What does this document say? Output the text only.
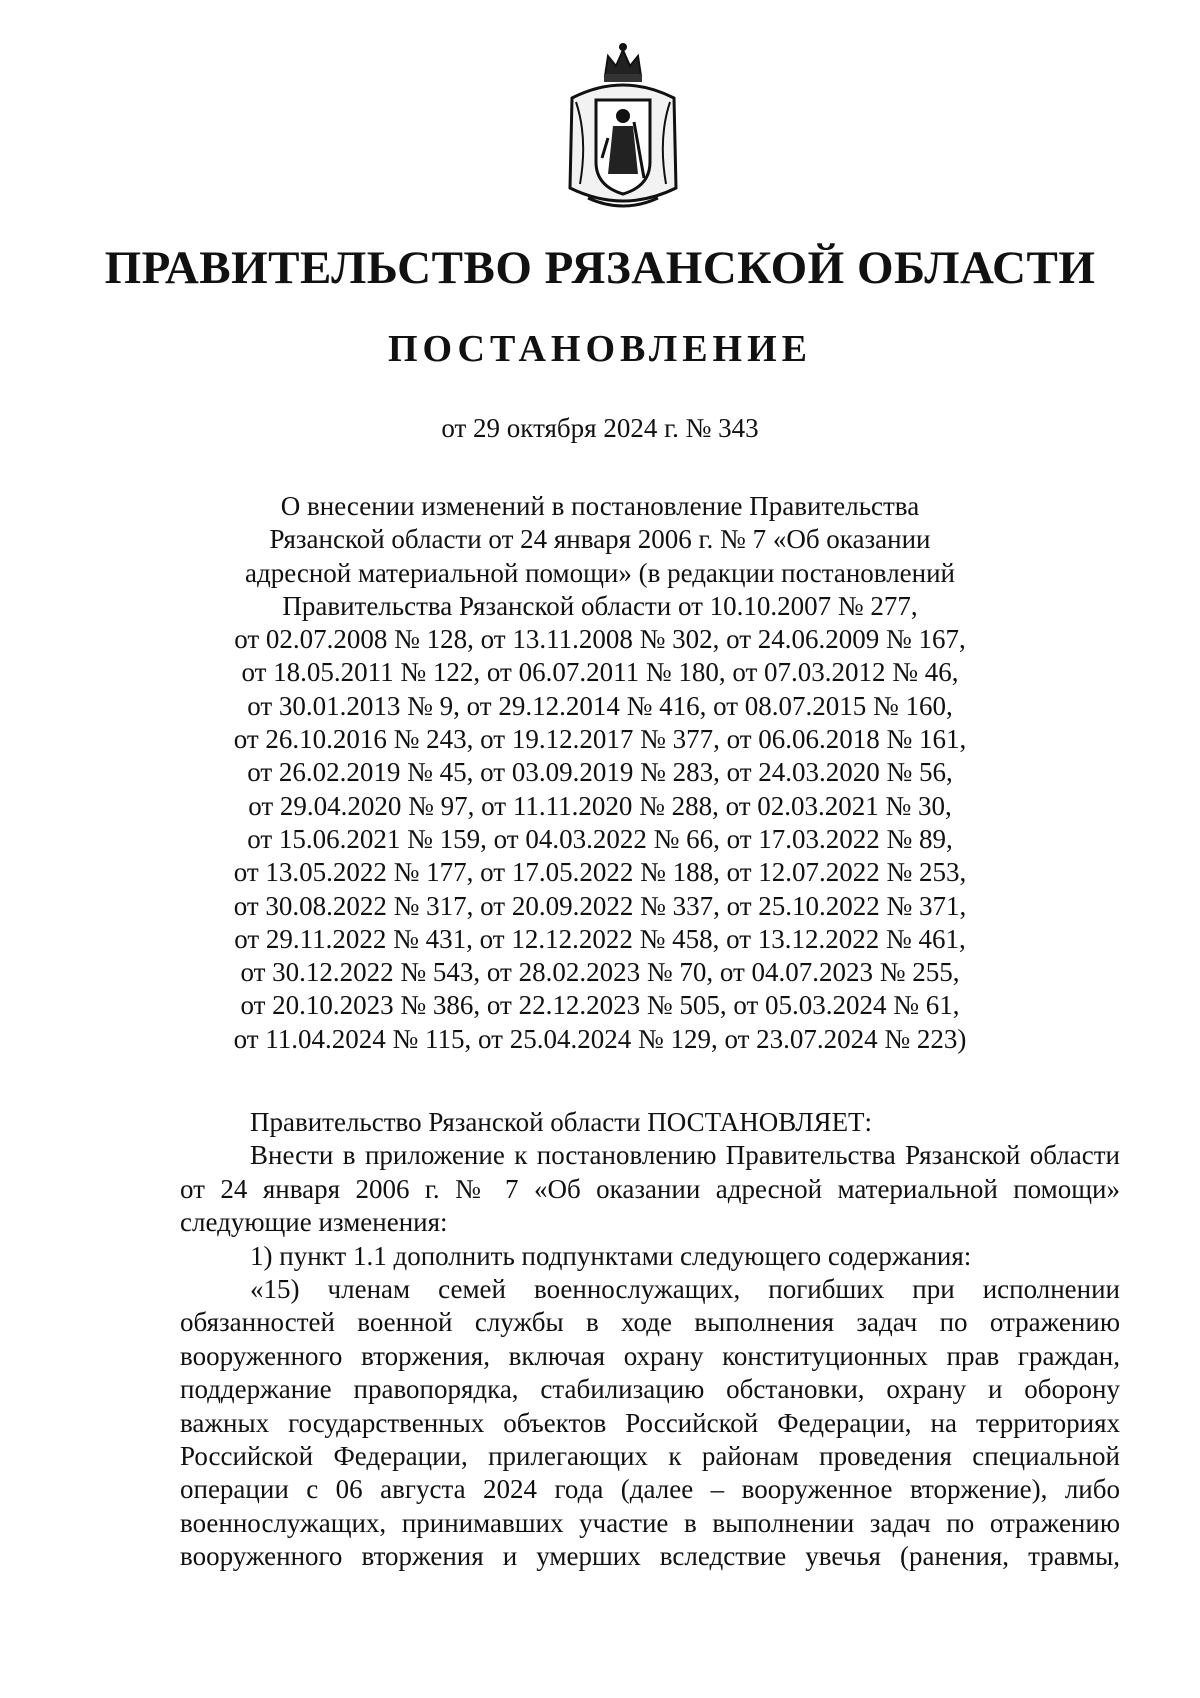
ПРАВИТЕЛЬСТВО РЯЗАНСКОЙ ОБЛАСТИ
ПОСТАНОВЛЕНИЕ

от 29 октября 2024 г. № 343

О внесении изменений в постановление Правительства
Рязанской области от 24 января 2006 г. № 7 «Об оказании
адресной материальной помощи» (в редакции постановлений
Правительства Рязанской области от 10.10.2007 № 277,
от 02.07.2008 № 128, от 13.11.2008 № 302, от 24.06.2009 № 167,
от 18.05.2011 № 122, от 06.07.2011 № 180, от 07.03.2012 № 46,
от 30.01.2013 № 9, от 29.12.2014 № 416, от 08.07.2015 № 160,
от 26.10.2016 № 243, от 19.12.2017 № 377, от 06.06.2018 № 161,
от 26.02.2019 № 45, от 03.09.2019 № 283, от 24.03.2020 № 56,
от 29.04.2020 № 97, от 11.11.2020 № 288, от 02.03.2021 № 30,
от 15.06.2021 № 159, от 04.03.2022 № 66, от 17.03.2022 № 89,
от 13.05.2022 № 177, от 17.05.2022 № 188, от 12.07.2022 № 253,
от 30.08.2022 № 317, от 20.09.2022 № 337, от 25.10.2022 № 371,
от 29.11.2022 № 431, от 12.12.2022 № 458, от 13.12.2022 № 461,
от 30.12.2022 № 543, от 28.02.2023 № 70, от 04.07.2023 № 255,
от 20.10.2023 № 386, от 22.12.2023 № 505, от 05.03.2024 № 61,
от 11.04.2024 № 115, от 25.04.2024 № 129, от 23.07.2024 № 223)

Правительство Рязанской области ПОСТАНОВЛЯЕТ:

Внести в приложение к постановлению Правительства Рязанской области от 24 января 2006 г. № 7 «Об оказании адресной материальной помощи» следующие изменения:

1) пункт 1.1 дополнить подпунктами следующего содержания:

«15) членам семей военнослужащих, погибших при исполнении

обязанностей военной службы в ходе выполнения задач по отражению

вооруженного вторжения, включая охрану конституционных прав граждан,

поддержание правопорядка, стабилизацию обстановки, охрану и оборону

важных государственных объектов Российской Федерации, на территориях

Российской Федерации, прилегающих к районам проведения специальной

операции с 06 августа 2024 года (далее – вооруженное вторжение), либо

военнослужащих, принимавших участие в выполнении задач по отражению

вооруженного вторжения и умерших вследствие увечья (ранения, травмы,
